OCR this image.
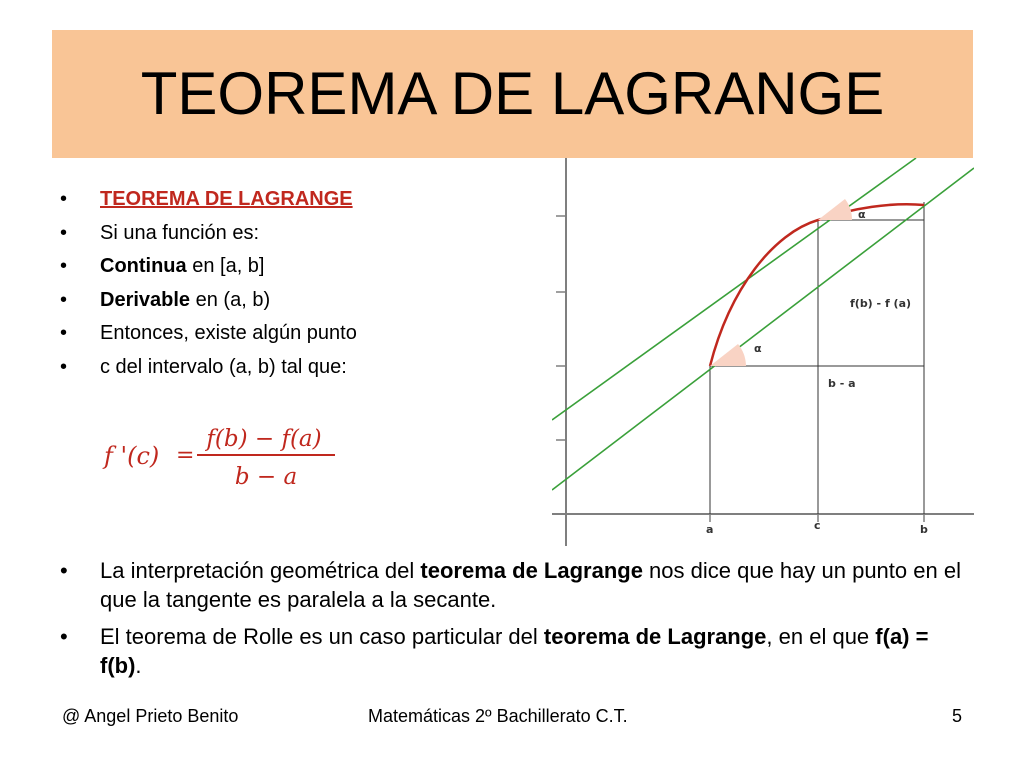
TEOREMA DE LAGRANGE
• TEOREMA DE LAGRANGE
• Si una función es:
• Continua en [a, b]
• Derivable en (a, b)
• Entonces, existe algún punto
• c del intervalo (a, b) tal que:
f '(c) =
f(b) − f(a)
b − a
α
α
f(b) - f (a)
b - a
a	c	b
• La interpretación geométrica del teorema de Lagrange nos dice que hay un punto en el que la tangente es paralela a la secante.
• El teorema de Rolle es un caso particular del teorema de Lagrange, en el que f(a) = f(b).
@ Angel Prieto Benito	Matemáticas 2º Bachillerato C.T.	5
